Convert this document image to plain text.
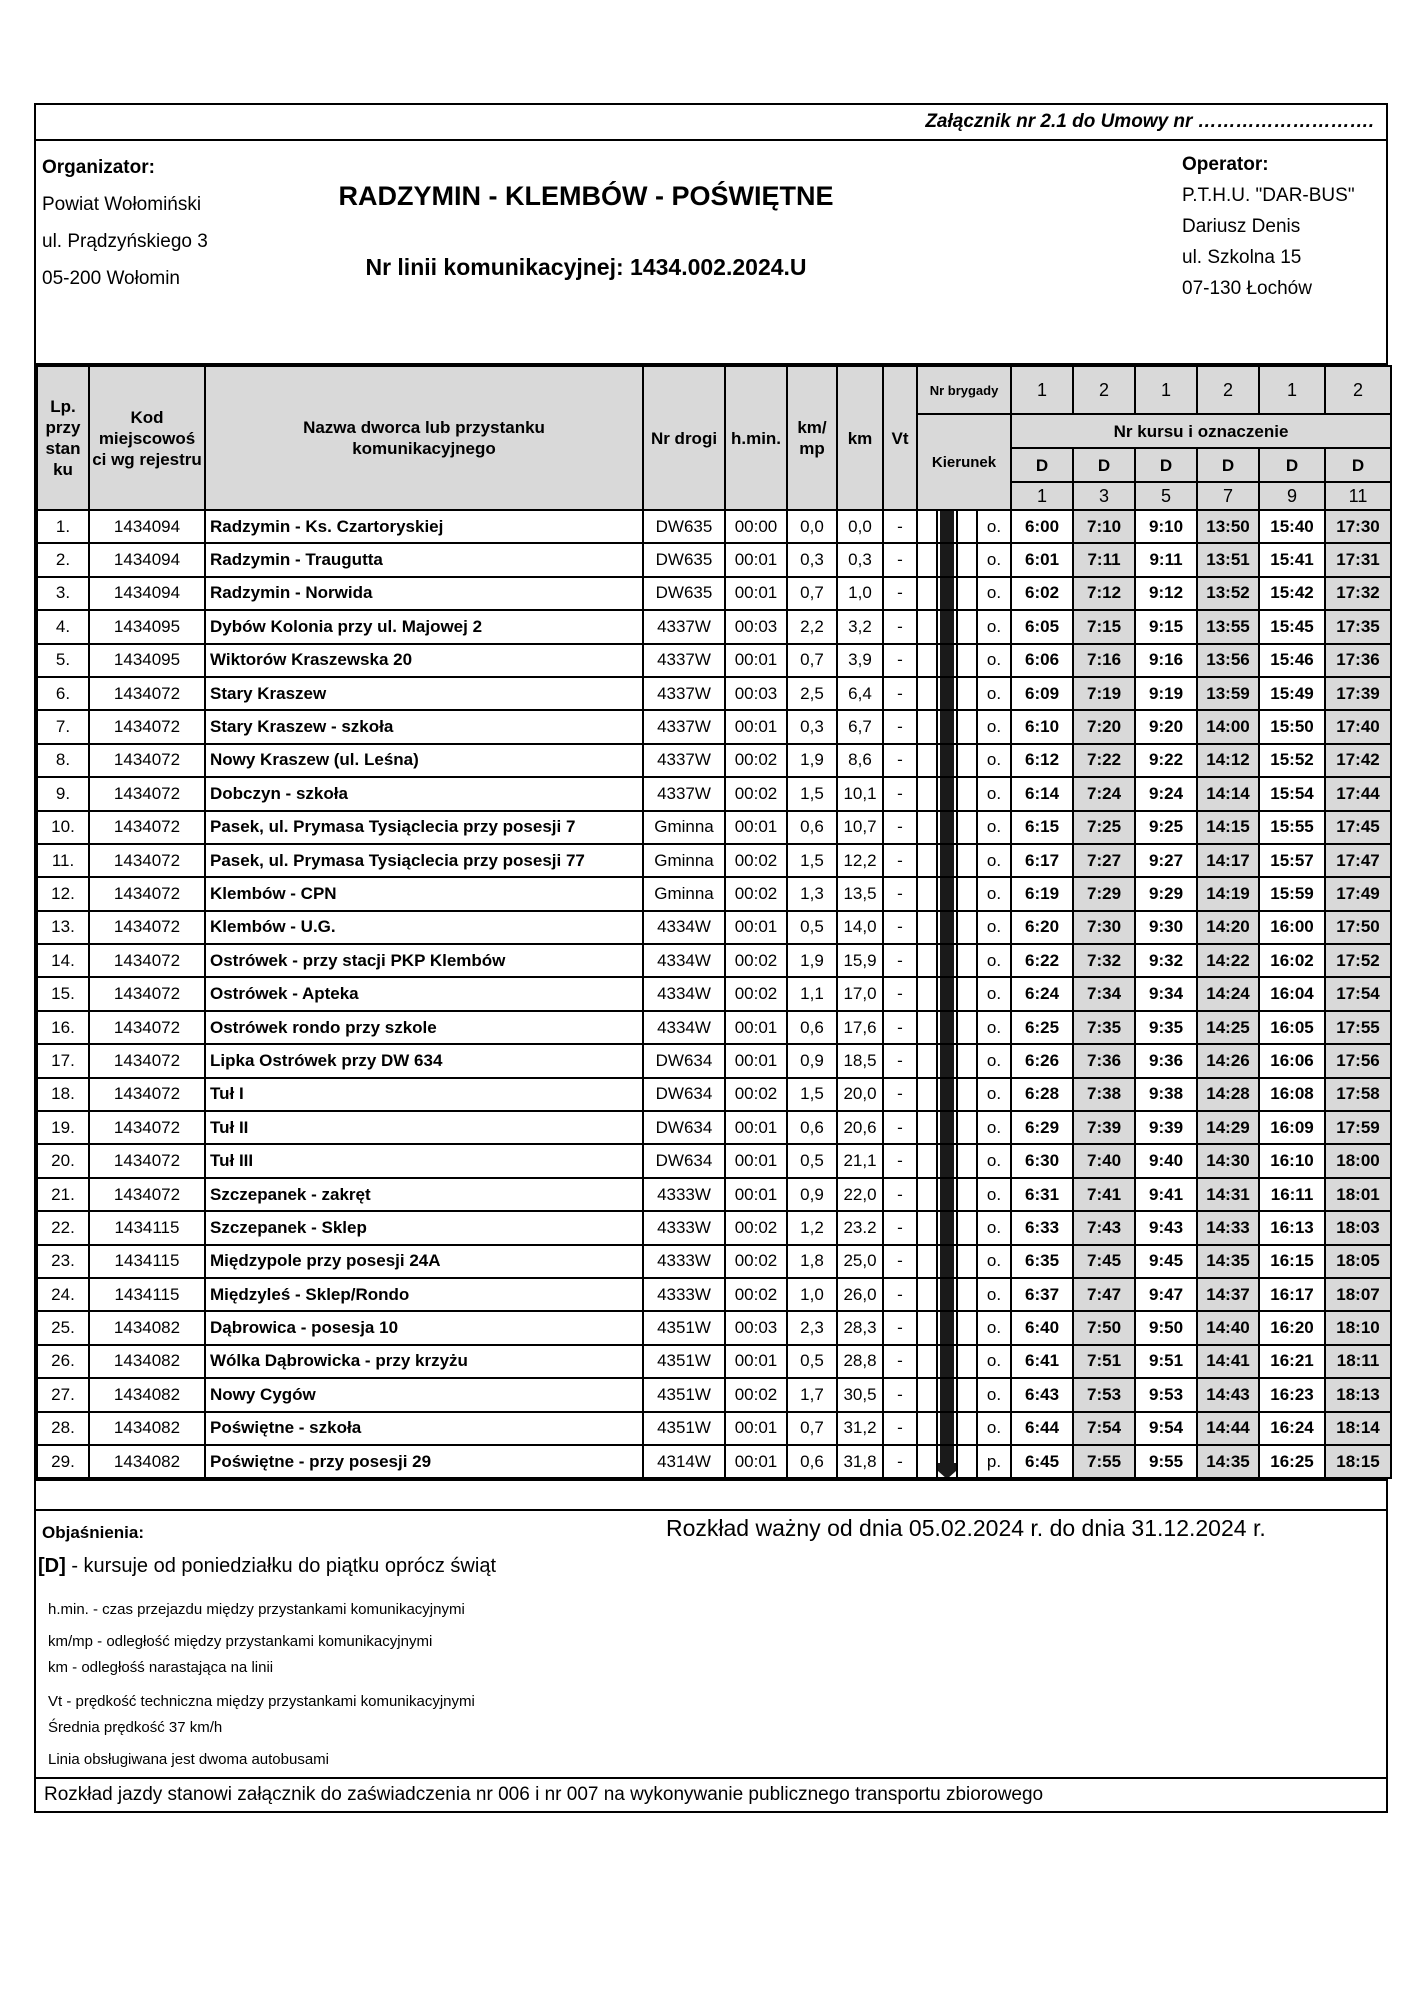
Załącznik nr 2.1 do Umowy nr ……………………….
Organizator:
Powiat Wołomiński
ul. Prądzyńskiego 3
05-200 Wołomin
RADZYMIN - KLEMBÓW - POŚWIĘTNE
Nr linii komunikacyjnej: 1434.002.2024.U
Operator:
P.T.H.U. "DAR-BUS"
Dariusz Denis
ul. Szkolna 15
07-130 Łochów
Lp. przy stan ku	Kod miejscowoś ci wg rejestru	Nazwa dworca lub przystanku komunikacyjnego	Nr drogi	h.min.	km/ mp	km	Vt	Nr brygady				1	2	1	2	1	2
								Kierunek				Nr kursu i oznaczenie					
												D	D	D	D	D	D
												1	3	5	7	9	11
1.	1434094	Radzymin - Ks. Czartoryskiej	DW635	00:00	0,0	0,0	-				o.	6:00	7:10	9:10	13:50	15:40	17:30
2.	1434094	Radzymin - Traugutta	DW635	00:01	0,3	0,3	-				o.	6:01	7:11	9:11	13:51	15:41	17:31
3.	1434094	Radzymin - Norwida	DW635	00:01	0,7	1,0	-				o.	6:02	7:12	9:12	13:52	15:42	17:32
4.	1434095	Dybów Kolonia przy ul. Majowej 2	4337W	00:03	2,2	3,2	-				o.	6:05	7:15	9:15	13:55	15:45	17:35
5.	1434095	Wiktorów Kraszewska 20	4337W	00:01	0,7	3,9	-				o.	6:06	7:16	9:16	13:56	15:46	17:36
6.	1434072	Stary Kraszew	4337W	00:03	2,5	6,4	-				o.	6:09	7:19	9:19	13:59	15:49	17:39
7.	1434072	Stary Kraszew - szkoła	4337W	00:01	0,3	6,7	-				o.	6:10	7:20	9:20	14:00	15:50	17:40
8.	1434072	Nowy Kraszew (ul. Leśna)	4337W	00:02	1,9	8,6	-				o.	6:12	7:22	9:22	14:12	15:52	17:42
9.	1434072	Dobczyn - szkoła	4337W	00:02	1,5	10,1	-				o.	6:14	7:24	9:24	14:14	15:54	17:44
10.	1434072	Pasek, ul. Prymasa Tysiąclecia przy posesji 7	Gminna	00:01	0,6	10,7	-				o.	6:15	7:25	9:25	14:15	15:55	17:45
11.	1434072	Pasek, ul. Prymasa Tysiąclecia przy posesji 77	Gminna	00:02	1,5	12,2	-				o.	6:17	7:27	9:27	14:17	15:57	17:47
12.	1434072	Klembów - CPN	Gminna	00:02	1,3	13,5	-				o.	6:19	7:29	9:29	14:19	15:59	17:49
13.	1434072	Klembów - U.G.	4334W	00:01	0,5	14,0	-				o.	6:20	7:30	9:30	14:20	16:00	17:50
14.	1434072	Ostrówek - przy stacji PKP Klembów	4334W	00:02	1,9	15,9	-				o.	6:22	7:32	9:32	14:22	16:02	17:52
15.	1434072	Ostrówek - Apteka	4334W	00:02	1,1	17,0	-				o.	6:24	7:34	9:34	14:24	16:04	17:54
16.	1434072	Ostrówek rondo przy szkole	4334W	00:01	0,6	17,6	-				o.	6:25	7:35	9:35	14:25	16:05	17:55
17.	1434072	Lipka Ostrówek przy DW 634	DW634	00:01	0,9	18,5	-				o.	6:26	7:36	9:36	14:26	16:06	17:56
18.	1434072	Tuł I	DW634	00:02	1,5	20,0	-				o.	6:28	7:38	9:38	14:28	16:08	17:58
19.	1434072	Tuł II	DW634	00:01	0,6	20,6	-				o.	6:29	7:39	9:39	14:29	16:09	17:59
20.	1434072	Tuł III	DW634	00:01	0,5	21,1	-				o.	6:30	7:40	9:40	14:30	16:10	18:00
21.	1434072	Szczepanek - zakręt	4333W	00:01	0,9	22,0	-				o.	6:31	7:41	9:41	14:31	16:11	18:01
22.	1434115	Szczepanek - Sklep	4333W	00:02	1,2	23.2	-				o.	6:33	7:43	9:43	14:33	16:13	18:03
23.	1434115	Międzypole przy posesji 24A	4333W	00:02	1,8	25,0	-				o.	6:35	7:45	9:45	14:35	16:15	18:05
24.	1434115	Międzyleś - Sklep/Rondo	4333W	00:02	1,0	26,0	-				o.	6:37	7:47	9:47	14:37	16:17	18:07
25.	1434082	Dąbrowica - posesja 10	4351W	00:03	2,3	28,3	-				o.	6:40	7:50	9:50	14:40	16:20	18:10
26.	1434082	Wólka Dąbrowicka - przy krzyżu	4351W	00:01	0,5	28,8	-				o.	6:41	7:51	9:51	14:41	16:21	18:11
27.	1434082	Nowy Cygów	4351W	00:02	1,7	30,5	-				o.	6:43	7:53	9:53	14:43	16:23	18:13
28.	1434082	Poświętne - szkoła	4351W	00:01	0,7	31,2	-				o.	6:44	7:54	9:54	14:44	16:24	18:14
29.	1434082	Poświętne - przy posesji 29	4314W	00:01	0,6	31,8	-				p.	6:45	7:55	9:55	14:35	16:25	18:15
Objaśnienia:
[D] - kursuje od poniedziałku do piątku oprócz świąt
h.min. - czas przejazdu między przystankami komunikacyjnymi
km/mp - odległość między przystankami komunikacyjnymi
km - odległośś narastająca na linii
Vt - prędkość techniczna między przystankami komunikacyjnymi
Średnia prędkość 37 km/h
Linia obsługiwana jest dwoma autobusami
Rozkład ważny od dnia 05.02.2024 r. do dnia 31.12.2024 r.
Rozkład jazdy stanowi załącznik do zaświadczenia nr 006 i nr 007 na wykonywanie publicznego transportu zbiorowego
